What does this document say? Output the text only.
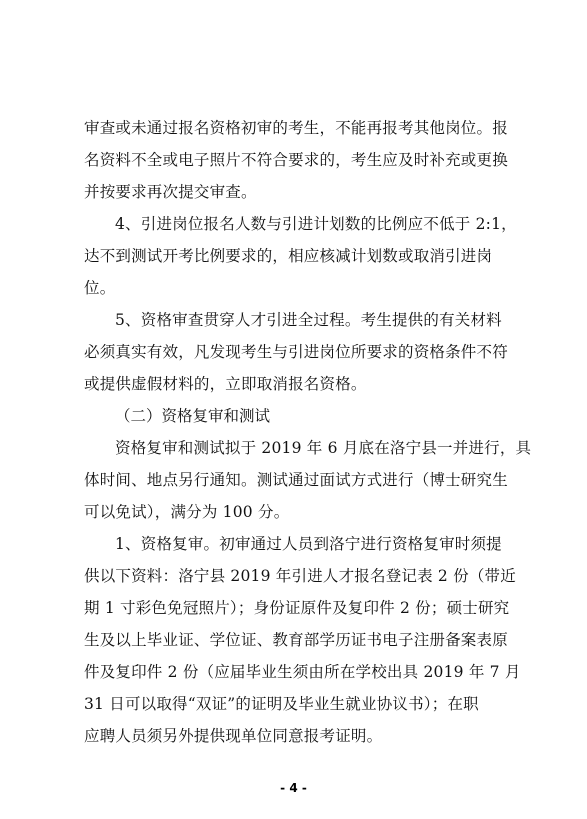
审查或未通过报名资格初审的考生，不能再报考其他岗位。报
名资料不全或电子照片不符合要求的，考生应及时补充或更换
并按要求再次提交审查。

4、引进岗位报名人数与引进计划数的比例应不低于 2:1，
达不到测试开考比例要求的，相应核减计划数或取消引进岗
位。

5、资格审查贯穿人才引进全过程。考生提供的有关材料
必须真实有效，凡发现考生与引进岗位所要求的资格条件不符
或提供虚假材料的，立即取消报名资格。

（二）资格复审和测试

资格复审和测试拟于 2019 年 6 月底在洛宁县一并进行，具
体时间、地点另行通知。测试通过面试方式进行（博士研究生
可以免试），满分为 100 分。

1、资格复审。初审通过人员到洛宁进行资格复审时须提
供以下资料：洛宁县 2019 年引进人才报名登记表 2 份（带近
期 1 寸彩色免冠照片）；身份证原件及复印件 2 份；硕士研究
生及以上毕业证、学位证、教育部学历证书电子注册备案表原
件及复印件 2 份（应届毕业生须由所在学校出具 2019 年 7 月
31 日可以取得“双证”的证明及毕业生就业协议书）；在职
应聘人员须另外提供现单位同意报考证明。

- 4 -
